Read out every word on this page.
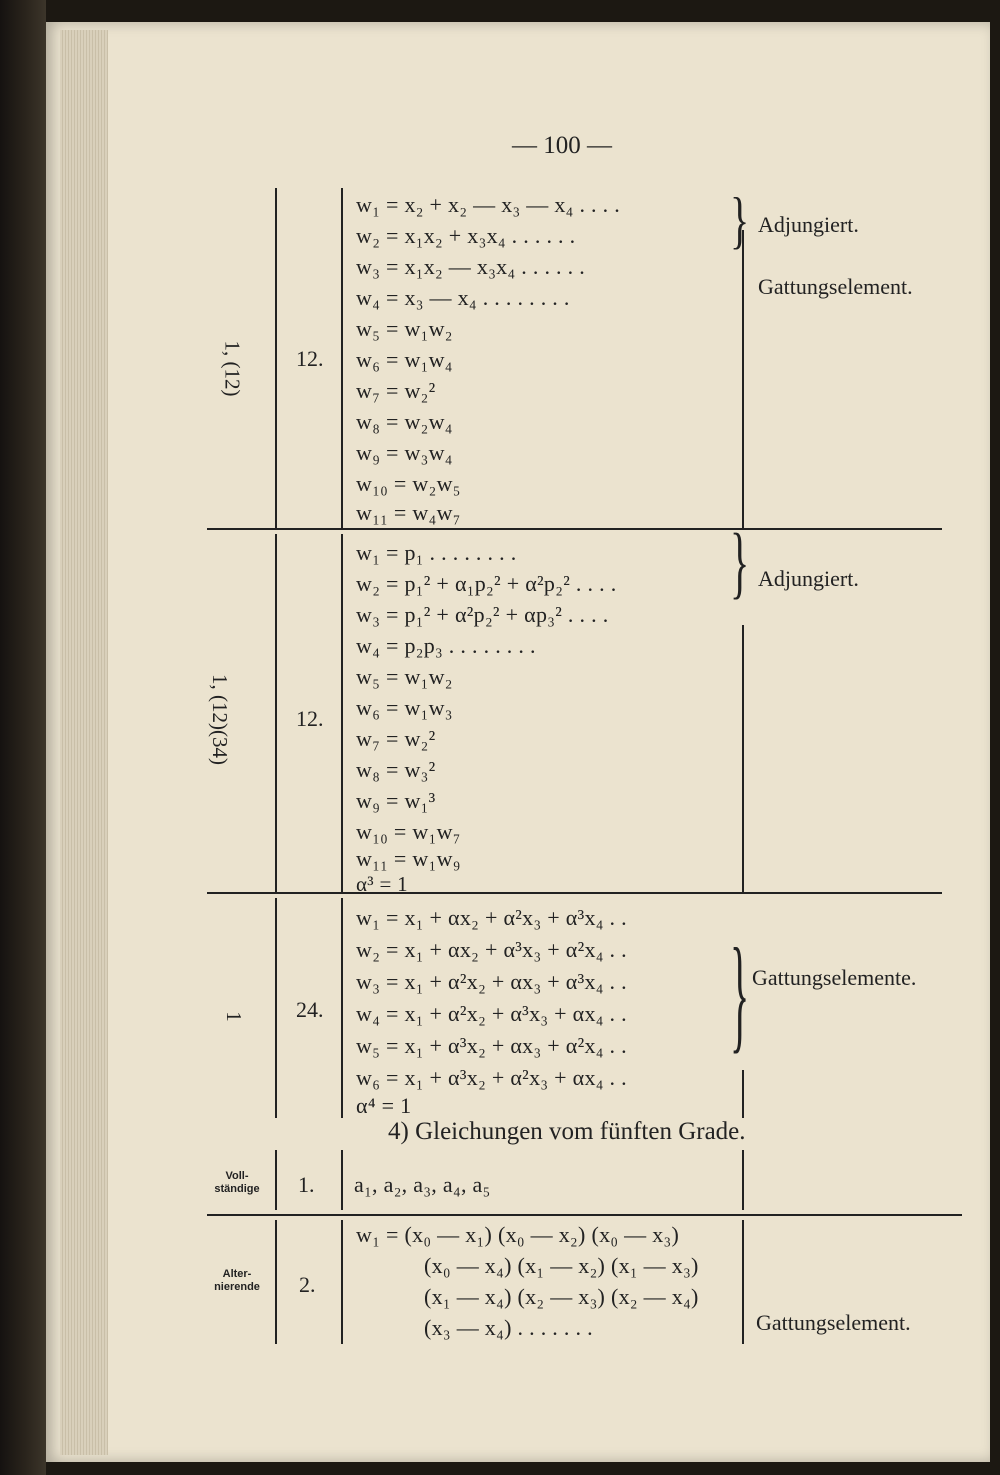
— 100 —
1, (12) 12.
w₁ = x₂ + x₂ — x₃ — x₄ . . . .
w₂ = x₁x₂ + x₃x₄ . . . . . .
w₃ = x₁x₂ — x₃x₄ . . . . . .
w₄ = x₃ — x₄ . . . . . . . .
w₅ = w₁w₂
w₆ = w₁w₄
w₇ = w₂²
w₈ = w₂w₄
w₉ = w₃w₄
w₁₀ = w₂w₅
w₁₁ = w₄w₇
} Adjungiert.
Gattungselement.
1, (12)(34)	12.
w₁ = p₁ . . . . . . . .
w₂ = p₁² + α₁p₂² + α²p₂² . . . .
w₃ = p₁² + α²p₂² + αp₃² . . . .
w₄ = p₂p₃ . . . . . . . .
w₅ = w₁w₂
w₆ = w₁w₃
w₇ = w₂²
w₈ = w₃²
w₉ = w₁³
w₁₀ = w₁w₇
w₁₁ = w₁w₉
α³ = 1
} Adjungiert.
1 24.
w₁ = x₁ + αx₂ + α²x₃ + α³x₄ . .
w₂ = x₁ + αx₂ + α³x₃ + α²x₄ . .
w₃ = x₁ + α²x₂ + αx₃ + α³x₄ . .
w₄ = x₁ + α²x₂ + α³x₃ + αx₄ . .
w₅ = x₁ + α³x₂ + αx₃ + α²x₄ . .
w₆ = x₁ + α³x₂ + α²x₃ + αx₄ . .
α⁴ = 1
} Gattungselemente.
4) Gleichungen vom fünften Grade.
Voll-
ständige	1. a₁, a₂, a₃, a₄, a₅
Alter-
nierende	2.
w₁ = (x₀ — x₁) (x₀ — x₂) (x₀ — x₃)
(x₀ — x₄) (x₁ — x₂) (x₁ — x₃)
(x₁ — x₄) (x₂ — x₃) (x₂ — x₄)
(x₃ — x₄) . . . . . . .	Gattungselement.
